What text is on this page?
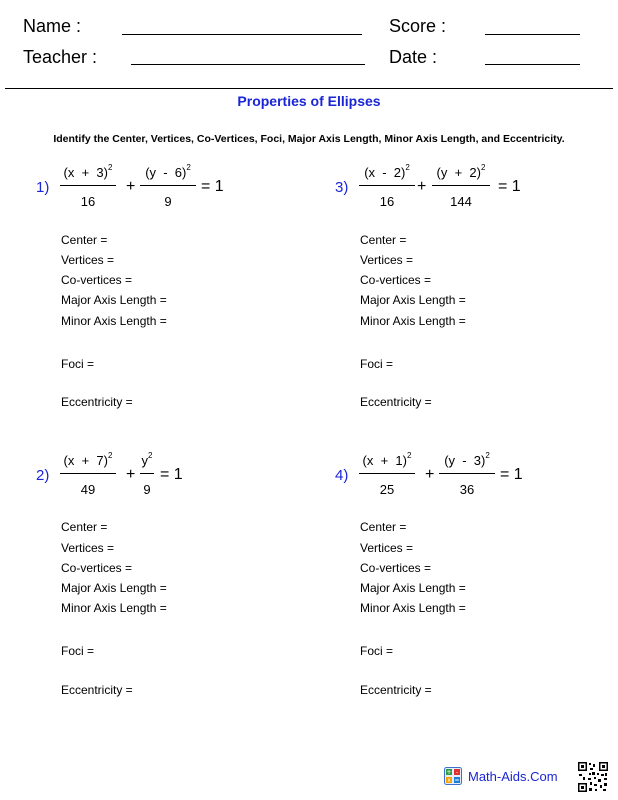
Name :	Score :
Teacher :	Date :
Properties of Ellipses
Identify the Center, Vertices, Co-Vertices, Foci, Major Axis Length, Minor Axis Length, and Eccentricity.
1)
$(x + 3)^2$
16
+
(y  -  6)$^2$
9
= 1
Center =
Vertices =
Co-vertices =
Major Axis Length =
Minor Axis Length =
Foci =
Eccentricity =
3)
(x  -  2)$^2$
16
+
$(y + 2)^2$
144
= 1
Center =
Vertices =
Co-vertices =
Major Axis Length =
Minor Axis Length =
Foci =
Eccentricity =
2)
$(x + 7)^2$
49
+
$y^2$
9
= 1
Center =
Vertices =
Co-vertices =
Major Axis Length =
Minor Axis Length =
Foci =
Eccentricity =
4)
$(x + 1)^2$
25
+
(y  -  3)$^2$
36
= 1
Center =
Vertices =
Co-vertices =
Major Axis Length =
Minor Axis Length =
Foci =
Eccentricity =
+ -
x = Math-Aids.Com
